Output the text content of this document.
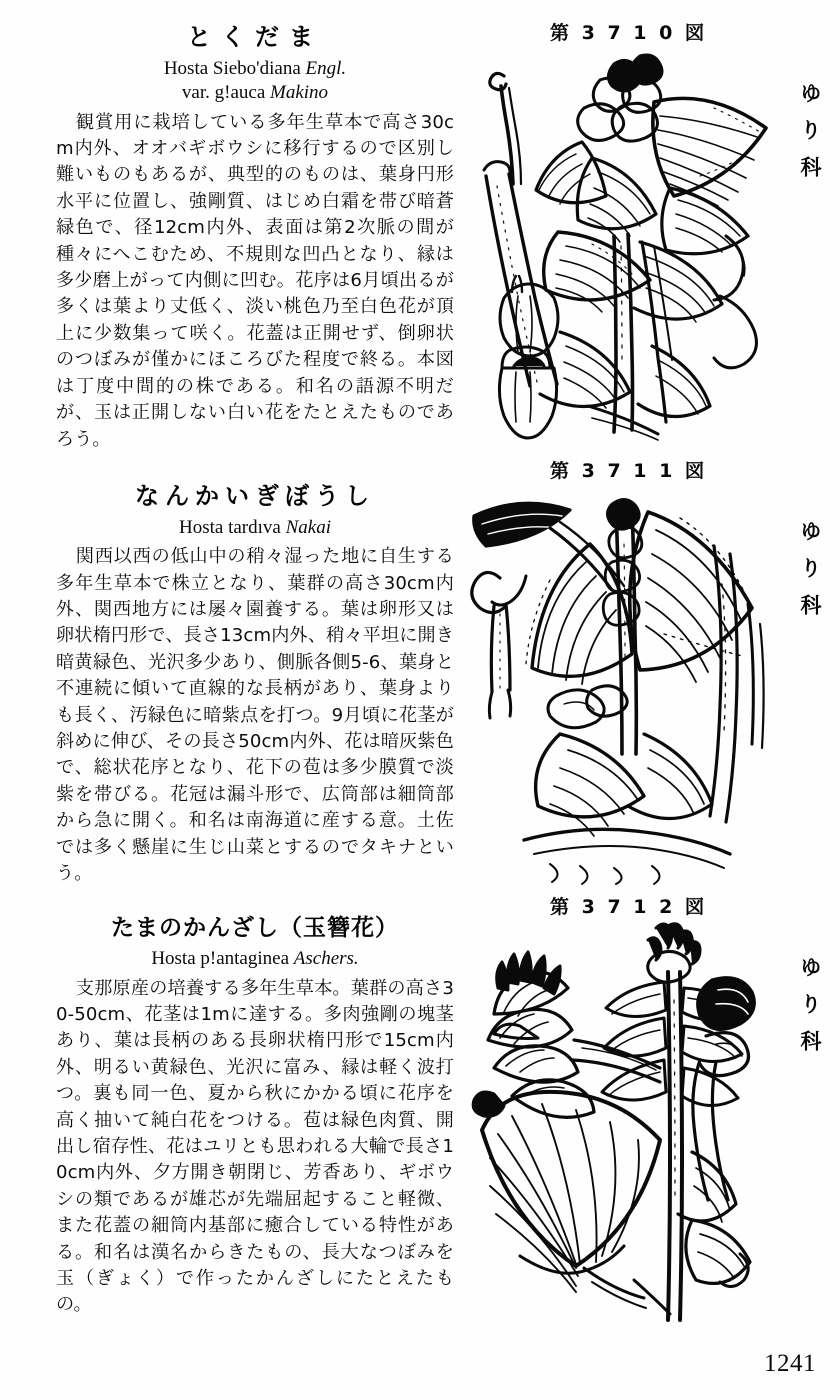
とくだま
Hosta Siebo'diana Engl.
var. g!auca Makino

観賞用に栽培している多年生草本で高さ30cm内外、オオバギボウシに移行するので区別し難いものもあるが、典型的のものは、葉身円形水平に位置し、強剛質、はじめ白霜を帯び暗蒼緑色で、径12cm内外、表面は第2次脈の間が種々にへこむため、不規則な凹凸となり、縁は多少磨上がって内側に凹む。花序は6月頃出るが多くは葉より丈低く、淡い桃色乃至白色花が頂上に少数集って咲く。花蓋は正開せず、倒卵状のつぼみが僅かにほころびた程度で終る。本図は丁度中間的の株である。和名の語源不明だが、玉は正開しない白い花をたとえたものであろう。

なんかいぎぼうし
Hosta tardıva Nakai

関西以西の低山中の稍々湿った地に自生する多年生草本で株立となり、葉群の高さ30cm内外、関西地方には屡々園養する。葉は卵形又は卵状楕円形で、長さ13cm内外、稍々平坦に開き暗黄緑色、光沢多少あり、側脈各側5-6、葉身と不連続に傾いて直線的な長柄があり、葉身よりも長く、汚緑色に暗紫点を打つ。9月頃に花茎が斜めに伸び、その長さ50cm内外、花は暗灰紫色で、総状花序となり、花下の苞は多少膜質で淡紫を帯びる。花冠は漏斗形で、広筒部は細筒部から急に開く。和名は南海道に産する意。土佐では多く懸崖に生じ山菜とするのでタキナという。

たまのかんざし（玉簪花）
Hosta p!antaginea Aschers.

支那原産の培養する多年生草本。葉群の高さ30-50cm、花茎は1mに達する。多肉強剛の塊茎あり、葉は長柄のある長卵状楕円形で15cm内外、明るい黄緑色、光沢に富み、縁は軽く波打つ。裏も同一色、夏から秋にかかる頃に花序を高く抽いて純白花をつける。苞は緑色肉質、開出し宿存性、花はユリとも思われる大輪で長さ10cm内外、夕方開き朝閉じ、芳香あり、ギボウシの類であるが雄芯が先端屈起すること軽微、また花蓋の細筒内基部に癒合している特性がある。和名は漢名からきたもの、長大なつぼみを玉（ぎょく）で作ったかんざしにたとえたもの。

第 3 7 1 0 図
ゆり科
第 3 7 1 1 図
ゆり科
第 3 7 1 2 図
ゆり科
1241
